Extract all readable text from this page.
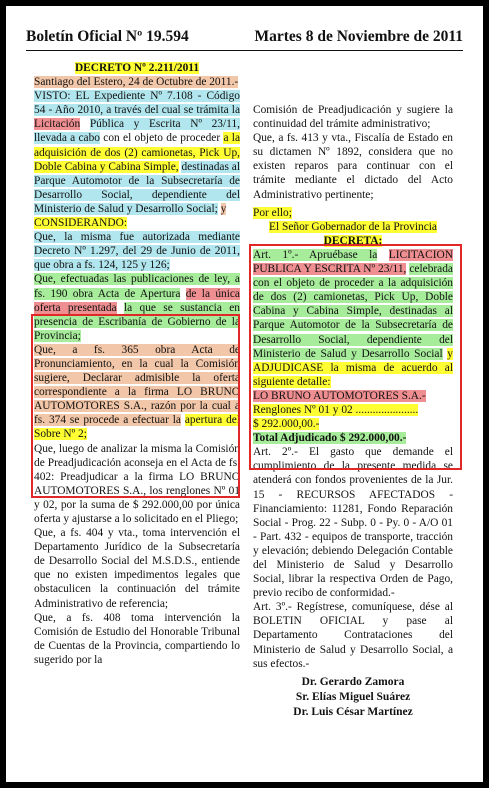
Boletín Oficial Nº 19.594	Martes 8 de Noviembre de 2011

DECRETO Nº 2.211/2011

Santiago del Estero, 24 de Octubre de 2011.-

VISTO: EL Expediente Nº 7.108 - Código 54 - Año 2010, a través del cual se trámita la Licitación Pública y Escrita Nº 23/11, llevada a cabo con el objeto de proceder a la adquisición de dos (2) camionetas, Pick Up, Doble Cabina y Cabina Simple, destinadas al Parque Automotor de la Subsecretaría de Desarrollo Social, dependiente del Ministerio de Salud y Desarrollo Social; y

CONSIDERANDO:

Que, la misma fue autorizada mediante Decreto Nº 1.297, del 29 de Junio de 2011, que obra a fs. 124, 125 y 126;

Que, efectuadas las publicaciones de ley, a fs. 190 obra Acta de Apertura de la única oferta presentada la que se sustancia en presencia de Escribanía de Gobierno de la Provincia;

Que, a fs. 365 obra Acta de Pronunciamiento, en la cual la Comisión sugiere, Declarar admisible la oferta correspondiente a la firma LO BRUNO AUTOMOTORES S.A., razón por la cual a fs. 374 se procede a efectuar la apertura del Sobre Nº 2;

Que, luego de analizar la misma la Comisión de Preadjudicación aconseja en el Acta de fs. 402: Preadjudicar a la firma LO BRUNO AUTOMOTORES S.A., los renglones Nº 01 y 02, por la suma de $ 292.000,00 por única oferta y ajustarse a lo solicitado en el Pliego;

Que, a fs. 404 y vta., toma intervención el Departamento Jurídico de la Subsecretaría de Desarrollo Social del M.S.D.S., entiende que no existen impedimentos legales que obstaculicen la continuación del trámite Administrativo de referencia;

Que, a fs. 408 toma intervención la Comisión de Estudio del Honorable Tribunal de Cuentas de la Provincia, compartiendo lo sugerido por la

Comisión de Preadjudicación y sugiere la continuidad del trámite administrativo;

Que, a fs. 413 y vta., Fiscalía de Estado en su dictamen Nº 1892, considera que no existen reparos para continuar con el trámite mediante el dictado del Acto Administrativo pertinente;

Por ello;

El Señor Gobernador de la Provincia

DECRETA:

Art. 1º.- Apruébase la LICITACION PUBLICA Y ESCRITA Nº 23/11, celebrada con el objeto de proceder a la adquisición de dos (2) camionetas, Pick Up, Doble Cabina y Cabina Simple, destinadas al Parque Automotor de la Subsecretaría de Desarrollo Social, dependiente del Ministerio de Salud y Desarrollo Social y ADJUDICASE la misma de acuerdo al siguiente detalle:

LO BRUNO AUTOMOTORES S.A.-

Renglones Nº 01 y 02 ......................

$ 292.000,00.-

Total Adjudicado $ 292.000,00.-

Art. 2º.- El gasto que demande el cumplimiento de la presente medida se atenderá con fondos provenientes de la Jur. 15 - RECURSOS AFECTADOS - Financiamiento: 11281, Fondo Reparación Social - Prog. 22 - Subp. 0 - Py. 0 - A/O 01 - Part. 432 - equipos de transporte, tracción y elevación; debiendo Delegación Contable del Ministerio de Salud y Desarrollo Social, librar la respectiva Orden de Pago, previo recibo de conformidad.-

Art. 3º.- Regístrese, comuníquese, dése al BOLETIN OFICIAL y pase al Departamento Contrataciones del Ministerio de Salud y Desarrollo Social, a sus efectos.-

Dr. Gerardo Zamora
Sr. Elías Miguel Suárez
Dr. Luis César Martínez
